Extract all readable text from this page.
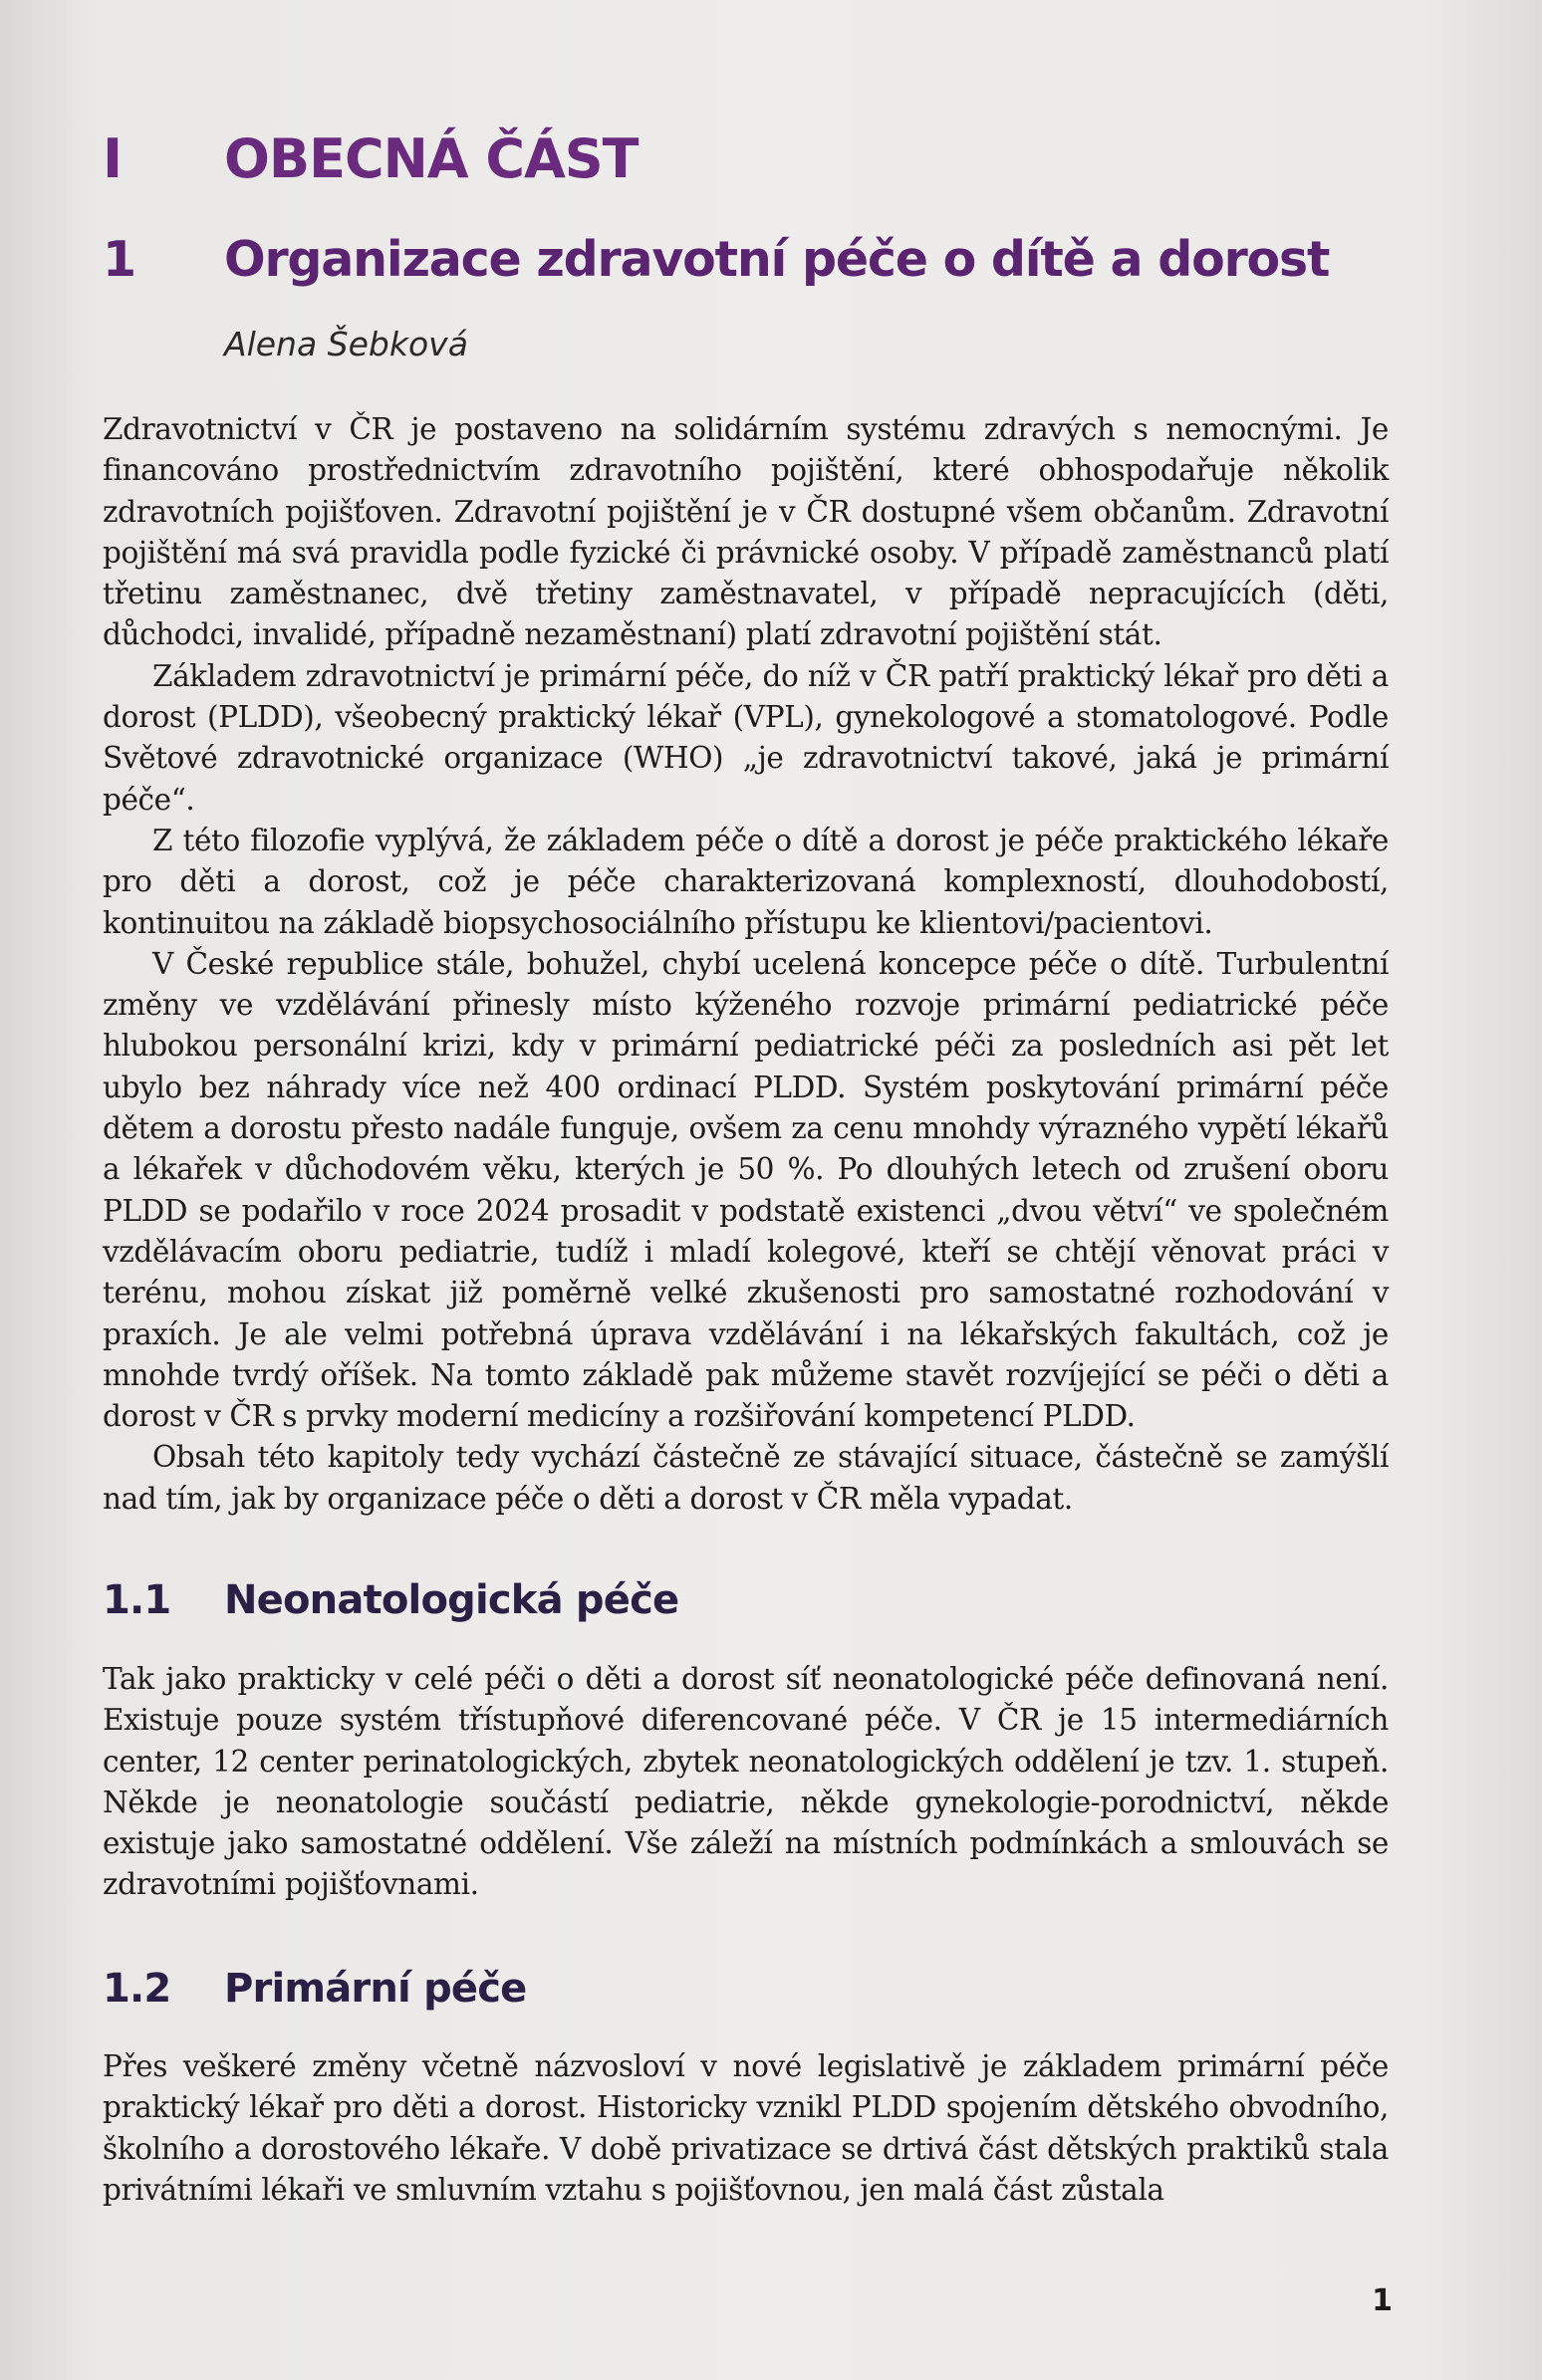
I	OBECNÁ ČÁST
1	Organizace zdravotní péče o dítě a dorost
Alena Šebková

Zdravotnictví v ČR je postaveno na solidárním systému zdravých s nemocnými. Je financováno prostřednictvím zdravotního pojištění, které obhospodařuje několik zdravotních pojišťoven. Zdravotní pojištění je v ČR dostupné všem občanům. Zdravotní pojištění má svá pravidla podle fyzické či právnické osoby. V případě zaměstnanců platí třetinu zaměstnanec, dvě třetiny zaměstnavatel, v případě nepracujících (děti, důchodci, invalidé, případně nezaměstnaní) platí zdravotní pojištění stát.

Základem zdravotnictví je primární péče, do níž v ČR patří praktický lékař pro děti a dorost (PLDD), všeobecný praktický lékař (VPL), gynekologové a stomatologové. Podle Světové zdravotnické organizace (WHO) „je zdravotnictví takové, jaká je primární péče“.

Z této filozofie vyplývá, že základem péče o dítě a dorost je péče praktického lékaře pro děti a dorost, což je péče charakterizovaná komplexností, dlouhodobostí, kontinuitou na základě biopsychosociálního přístupu ke klientovi/pacientovi.

V České republice stále, bohužel, chybí ucelená koncepce péče o dítě. Turbulentní změny ve vzdělávání přinesly místo kýženého rozvoje primární pediatrické péče hlubokou personální krizi, kdy v primární pediatrické péči za posledních asi pět let ubylo bez náhrady více než 400 ordinací PLDD. Systém poskytování primární péče dětem a dorostu přesto nadále funguje, ovšem za cenu mnohdy výrazného vypětí lékařů a lékařek v důchodovém věku, kterých je 50 %. Po dlouhých letech od zrušení oboru PLDD se podařilo v roce 2024 prosadit v podstatě existenci „dvou větví“ ve společném vzdělávacím oboru pediatrie, tudíž i mladí kolegové, kteří se chtějí věnovat práci v terénu, mohou získat již poměrně velké zkušenosti pro samostatné rozhodování v praxích. Je ale velmi potřebná úprava vzdělávání i na lékařských fakultách, což je mnohde tvrdý oříšek. Na tomto základě pak můžeme stavět rozvíjející se péči o děti a dorost v ČR s prvky moderní medicíny a rozšiřování kompetencí PLDD.

Obsah této kapitoly tedy vychází částečně ze stávající situace, částečně se zamýšlí nad tím, jak by organizace péče o děti a dorost v ČR měla vypadat.

1.1	Neonatologická péče

Tak jako prakticky v celé péči o děti a dorost síť neonatologické péče definovaná není. Existuje pouze systém třístupňové diferencované péče. V ČR je 15 intermediárních center, 12 center perinatologických, zbytek neonatologických oddělení je tzv. 1. stupeň. Někde je neonatologie součástí pediatrie, někde gynekologie-porodnictví, někde existuje jako samostatné oddělení. Vše záleží na místních podmínkách a smlouvách se zdravotními pojišťovnami.

1.2	Primární péče

Přes veškeré změny včetně názvosloví v nové legislativě je základem primární péče praktický lékař pro děti a dorost. Historicky vznikl PLDD spojením dětského obvodního, školního a dorostového lékaře. V době privatizace se drtivá část dětských praktiků stala privátními lékaři ve smluvním vztahu s pojišťovnou, jen malá část zůstala

1
